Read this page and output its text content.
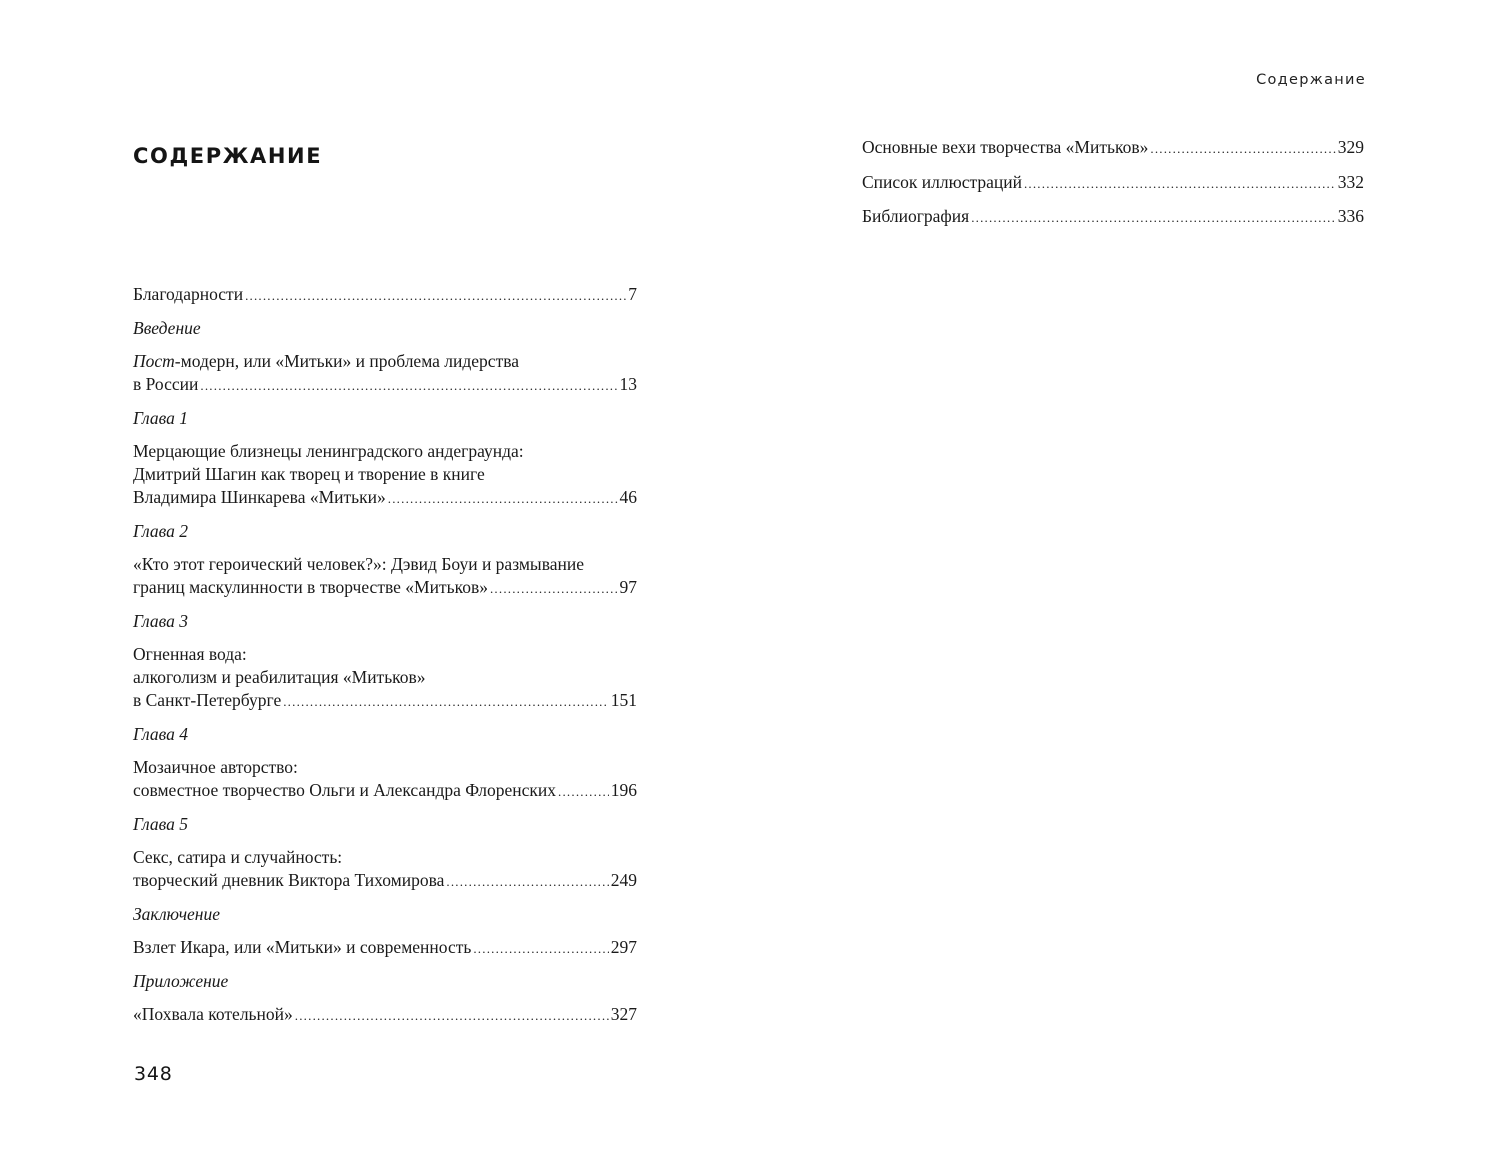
СОДЕРЖАНИЕ
Благодарности .....	7
Введение
Пост-модерн, или «Митьки» и проблема лидерства
в России .....	13
Глава 1
Мерцающие близнецы ленинградского андеграунда:
Дмитрий Шагин как творец и творение в книге
Владимира Шинкарева «Митьки» .....	46
Глава 2
«Кто этот героический человек?»: Дэвид Боуи и размывание
границ маскулинности в творчестве «Митьков» .....	97
Глава 3
Огненная вода:
алкоголизм и реабилитация «Митьков»
в Санкт-Петербурге .....	151
Глава 4
Мозаичное авторство:
совместное творчество Ольги и Александра Флоренских .....	196
Глава 5
Секс, сатира и случайность:
творческий дневник Виктора Тихомирова .....	249
Заключение
Взлет Икара, или «Митьки» и современность .....	297
Приложение
«Похвала котельной» .....	327
348
Содержание
Основные вехи творчества «Митьков» .....	329
Список иллюстраций .....	332
Библиография .....	336
